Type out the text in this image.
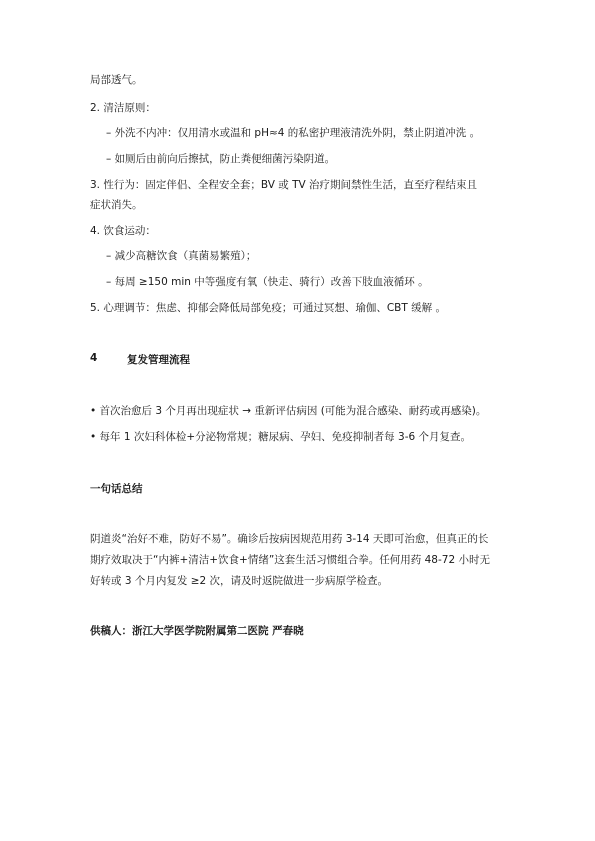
局部透气。
2. 清洁原则：
– 外洗不内冲：仅用清水或温和 pH≈4 的私密护理液清洗外阴，禁止阴道冲洗 。
– 如厕后由前向后擦拭，防止粪便细菌污染阴道。
3. 性行为：固定伴侣、全程安全套；BV 或 TV 治疗期间禁性生活，直至疗程结束且
症状消失。
4. 饮食运动：
– 减少高糖饮食（真菌易繁殖）；
– 每周 ≥150 min 中等强度有氧（快走、骑行）改善下肢血液循环 。
5. 心理调节：焦虑、抑郁会降低局部免疫；可通过冥想、瑜伽、CBT 缓解 。
4	复发管理流程
• 首次治愈后 3 个月再出现症状 → 重新评估病因 (可能为混合感染、耐药或再感染)。
• 每年 1 次妇科体检+分泌物常规；糖尿病、孕妇、免疫抑制者每 3-6 个月复查。
一句话总结
阴道炎“治好不难，防好不易”。确诊后按病因规范用药 3-14 天即可治愈，但真正的长
期疗效取决于“内裤+清洁+饮食+情绪”这套生活习惯组合拳。任何用药 48-72 小时无
好转或 3 个月内复发 ≥2 次，请及时返院做进一步病原学检查。
供稿人：浙江大学医学院附属第二医院 严春晓
